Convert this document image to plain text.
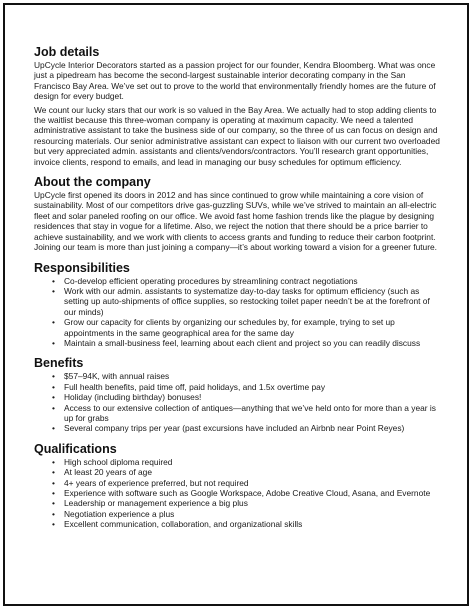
Job details

UpCycle Interior Decorators started as a passion project for our founder, Kendra Bloomberg. What was once just a pipedream has become the second-largest sustainable interior decorating company in the San Francisco Bay Area. We’ve set out to prove to the world that environmentally friendly homes are the future of design for every budget.

We count our lucky stars that our work is so valued in the Bay Area. We actually had to stop adding clients to the waitlist because this three-woman company is operating at maximum capacity. We need a talented administrative assistant to take the business side of our company, so the three of us can focus on design and resourcing materials. Our senior administrative assistant can expect to liaison with our current two overloaded but very appreciated admin. assistants and clients/vendors/contractors. You’ll research grant opportunities, invoice clients, respond to emails, and lead in managing our busy schedules for optimum efficiency.

About the company

UpCycle first opened its doors in 2012 and has since continued to grow while maintaining a core vision of sustainability. Most of our competitors drive gas-guzzling SUVs, while we’ve strived to maintain an all-electric fleet and solar paneled roofing on our office. We avoid fast home fashion trends like the plague by designing residences that stay in vogue for a lifetime. Also, we reject the notion that there should be a price barrier to achieve sustainability, and we work with clients to access grants and funding to reduce their carbon footprint. Joining our team is more than just joining a company—it’s about working toward a vision for a greener future.

Responsibilities
• Co-develop efficient operating procedures by streamlining contract negotiations
• Work with our admin. assistants to systematize day-to-day tasks for optimum efficiency (such as setting up auto-shipments of office supplies, so restocking toilet paper needn’t be at the forefront of our minds)
• Grow our capacity for clients by organizing our schedules by, for example, trying to set up appointments in the same geographical area for the same day
• Maintain a small-business feel, learning about each client and project so you can readily discuss
Benefits
• $57–94K, with annual raises
• Full health benefits, paid time off, paid holidays, and 1.5x overtime pay
• Holiday (including birthday) bonuses!
• Access to our extensive collection of antiques—anything that we’ve held onto for more than a year is up for grabs
• Several company trips per year (past excursions have included an Airbnb near Point Reyes)
Qualifications
• High school diploma required
• At least 20 years of age
• 4+ years of experience preferred, but not required
• Experience with software such as Google Workspace, Adobe Creative Cloud, Asana, and Evernote
• Leadership or management experience a big plus
• Negotiation experience a plus
• Excellent communication, collaboration, and organizational skills
